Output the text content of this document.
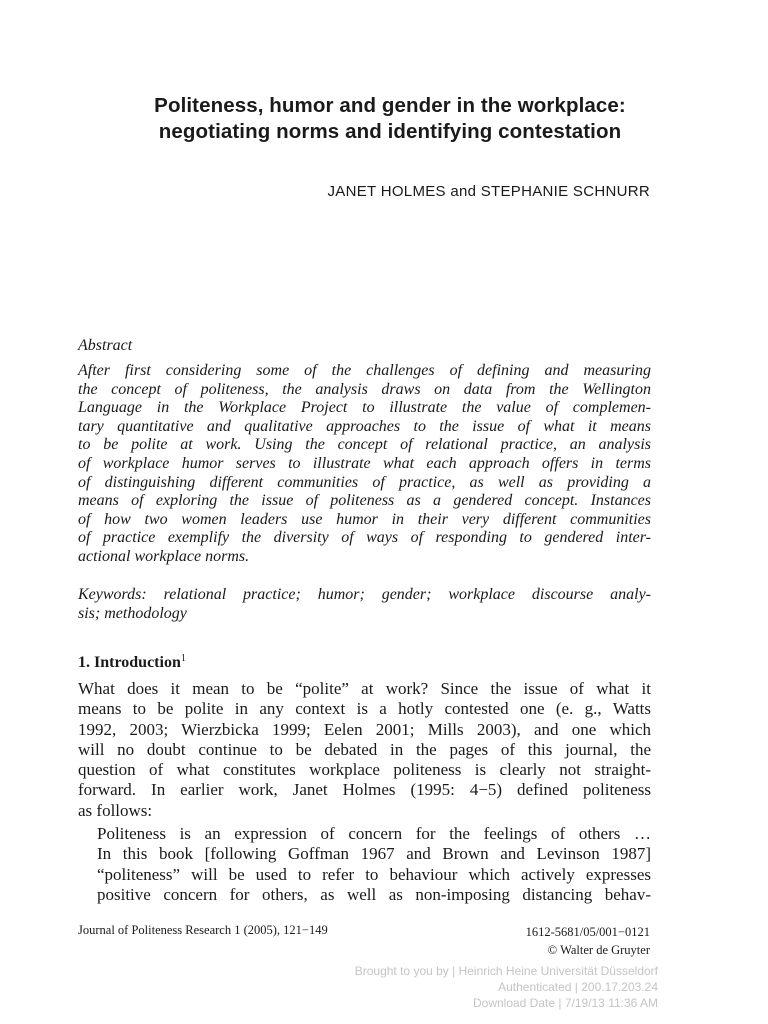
Politeness, humor and gender in the workplace:
negotiating norms and identifying contestation
JANET HOLMES and STEPHANIE SCHNURR
Abstract
After first considering some of the challenges of defining and measuring
the concept of politeness, the analysis draws on data from the Wellington
Language in the Workplace Project to illustrate the value of complemen-
tary quantitative and qualitative approaches to the issue of what it means
to be polite at work. Using the concept of relational practice, an analysis
of workplace humor serves to illustrate what each approach offers in terms
of distinguishing different communities of practice, as well as providing a
means of exploring the issue of politeness as a gendered concept. Instances
of how two women leaders use humor in their very different communities
of practice exemplify the diversity of ways of responding to gendered inter-
actional workplace norms.
Keywords: relational practice; humor; gender; workplace discourse analy-
sis; methodology
1. Introduction$^1$
What does it mean to be “polite” at work? Since the issue of what it
means to be polite in any context is a hotly contested one (e. g., Watts
1992, 2003; Wierzbicka 1999; Eelen 2001; Mills 2003), and one which
will no doubt continue to be debated in the pages of this journal, the
question of what constitutes workplace politeness is clearly not straight-
forward. In earlier work, Janet Holmes (1995: 4−5) defined politeness
as follows:
Politeness is an expression of concern for the feelings of others …
In this book [following Goffman 1967 and Brown and Levinson 1987]
“politeness” will be used to refer to behaviour which actively expresses
positive concern for others, as well as non-imposing distancing behav-
Journal of Politeness Research 1 (2005), 121−149	1612-5681/05/001−0121
© Walter de Gruyter
Brought to you by | Heinrich Heine Universität Düsseldorf
Authenticated | 200.17.203.24
Download Date | 7/19/13 11:36 AM
